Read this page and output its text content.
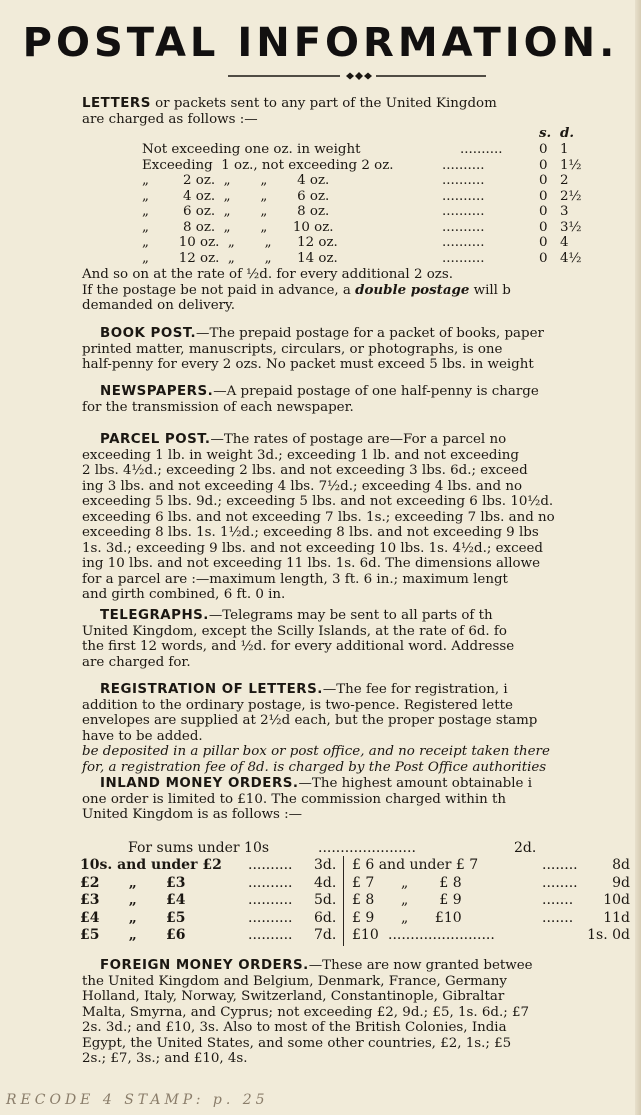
POSTAL INFORMATION.
LETTERS or packets sent to any part of the United Kingdom
are charged as follows :—
s. d.
Not exceeding one oz. in weight	..........	0 1
Exceeding  1 oz., not exceeding 2 oz.	..........	0 1½
„        2 oz.  „       „       4 oz.	..........	0 2
„        4 oz.  „       „       6 oz.	..........	0 2½
„        6 oz.  „       „       8 oz.	..........	0 3
„        8 oz.  „       „      10 oz.	..........	0 3½
„       10 oz.  „       „      12 oz.	..........	0 4
„       12 oz.  „       „      14 oz.	..........	0 4½
And so on at the rate of ½d. for every additional 2 ozs.
If the postage be not paid in advance, a double postage will b
demanded on delivery.
BOOK POST.—The prepaid postage for a packet of books, paper
printed matter, manuscripts, circulars, or photographs, is one
half-penny for every 2 ozs. No packet must exceed 5 lbs. in weight
NEWSPAPERS.—A prepaid postage of one half-penny is charge
for the transmission of each newspaper.
PARCEL POST.—The rates of postage are—For a parcel no
exceeding 1 lb. in weight 3d.; exceeding 1 lb. and not exceeding
2 lbs. 4½d.; exceeding 2 lbs. and not exceeding 3 lbs. 6d.; exceed
ing 3 lbs. and not exceeding 4 lbs. 7½d.; exceeding 4 lbs. and no
exceeding 5 lbs. 9d.; exceeding 5 lbs. and not exceeding 6 lbs. 10½d.
exceeding 6 lbs. and not exceeding 7 lbs. 1s.; exceeding 7 lbs. and no
exceeding 8 lbs. 1s. 1½d.; exceeding 8 lbs. and not exceeding 9 lbs
1s. 3d.; exceeding 9 lbs. and not exceeding 10 lbs. 1s. 4½d.; exceed
ing 10 lbs. and not exceeding 11 lbs. 1s. 6d. The dimensions allowe
for a parcel are :—maximum length, 3 ft. 6 in.; maximum lengt
and girth combined, 6 ft. 0 in.
TELEGRAPHS.—Telegrams may be sent to all parts of th
United Kingdom, except the Scilly Islands, at the rate of 6d. fo
the first 12 words, and ½d. for every additional word. Addresse
are charged for.
REGISTRATION OF LETTERS.—The fee for registration, i
addition to the ordinary postage, is two-pence. Registered lette
envelopes are supplied at 2½d each, but the proper postage stamp
have to be added.
be deposited in a pillar box or post office, and no receipt taken there
for, a registration fee of 8d. is charged by the Post Office authorities
INLAND MONEY ORDERS.—The highest amount obtainable i
one order is limited to £10. The commission charged within th
United Kingdom is as follows :—
For sums under 10s	......................	2d.
10s. and under £2 .......... 3d.
£2      „      £3	.......... 4d.
£3      „      £4	.......... 5d.
£4      „      £5	.......... 6d.
£5      „      £6	.......... 7d.
£ 6 and under £ 7	........ 8d
£ 7      „       £ 8	........ 9d
£ 8      „       £ 9	....... 10d
£ 9      „      £10	....... 11d
£10 ........................	1s. 0d
FOREIGN MONEY ORDERS.—These are now granted betwee
the United Kingdom and Belgium, Denmark, France, Germany
Holland, Italy, Norway, Switzerland, Constantinople, Gibraltar
Malta, Smyrna, and Cyprus; not exceeding £2, 9d.; £5, 1s. 6d.; £7
2s. 3d.; and £10, 3s. Also to most of the British Colonies, India
Egypt, the United States, and some other countries, £2, 1s.; £5
2s.; £7, 3s.; and £10, 4s.
RECODE 4 STAMP: p. 25
